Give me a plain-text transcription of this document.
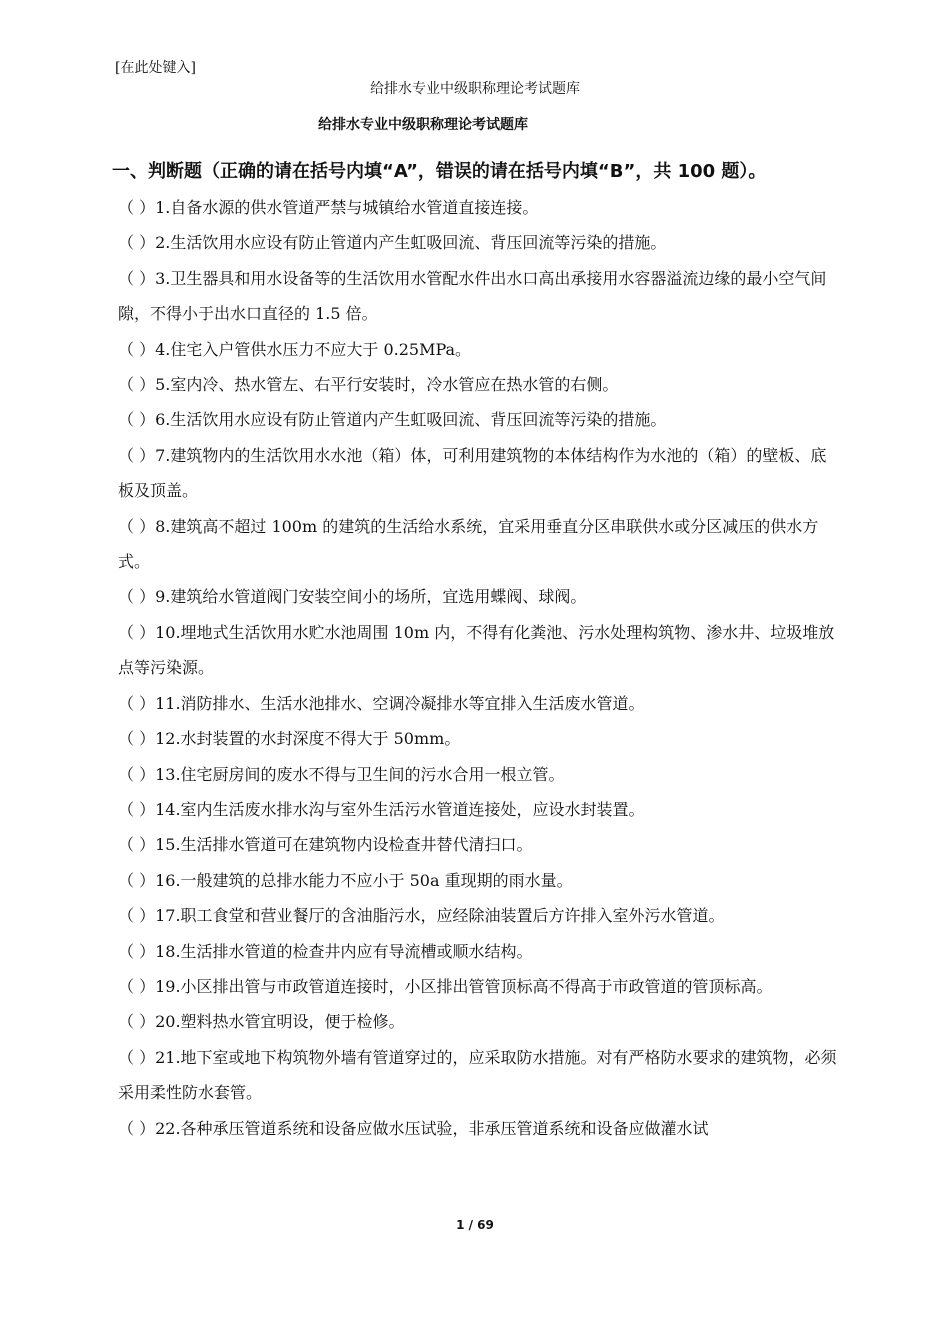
[在此处键入]
给排水专业中级职称理论考试题库
给排水专业中级职称理论考试题库
一、判断题（正确的请在括号内填“A”，错误的请在括号内填“B”，共 100 题）。

（ ）1.自备水源的供水管道严禁与城镇给水管道直接连接。

（ ）2.生活饮用水应设有防止管道内产生虹吸回流、背压回流等污染的措施。

（ ）3.卫生器具和用水设备等的生活饮用水管配水件出水口高出承接用水容器溢流边缘的最小空气间隙，不得小于出水口直径的 1.5 倍。

（ ）4.住宅入户管供水压力不应大于 0.25MPa。

（ ）5.室内冷、热水管左、右平行安装时，冷水管应在热水管的右侧。

（ ）6.生活饮用水应设有防止管道内产生虹吸回流、背压回流等污染的措施。

（ ）7.建筑物内的生活饮用水水池（箱）体，可利用建筑物的本体结构作为水池的（箱）的壁板、底板及顶盖。

（ ）8.建筑高不超过 100m 的建筑的生活给水系统，宜采用垂直分区串联供水或分区减压的供水方式。

（ ）9.建筑给水管道阀门安装空间小的场所，宜选用蝶阀、球阀。

（ ）10.埋地式生活饮用水贮水池周围 10m 内，不得有化粪池、污水处理构筑物、渗水井、垃圾堆放点等污染源。

（ ）11.消防排水、生活水池排水、空调冷凝排水等宜排入生活废水管道。

（ ）12.水封装置的水封深度不得大于 50mm。

（ ）13.住宅厨房间的废水不得与卫生间的污水合用一根立管。

（ ）14.室内生活废水排水沟与室外生活污水管道连接处，应设水封装置。

（ ）15.生活排水管道可在建筑物内设检查井替代清扫口。

（ ）16.一般建筑的总排水能力不应小于 50a 重现期的雨水量。

（ ）17.职工食堂和营业餐厅的含油脂污水，应经除油装置后方许排入室外污水管道。

（ ）18.生活排水管道的检查井内应有导流槽或顺水结构。

（ ）19.小区排出管与市政管道连接时，小区排出管管顶标高不得高于市政管道的管顶标高。

（ ）20.塑料热水管宜明设，便于检修。

（ ）21.地下室或地下构筑物外墙有管道穿过的，应采取防水措施。对有严格防水要求的建筑物，必须采用柔性防水套管。

（ ）22.各种承压管道系统和设备应做水压试验，非承压管道系统和设备应做灌水试

1 / 69
